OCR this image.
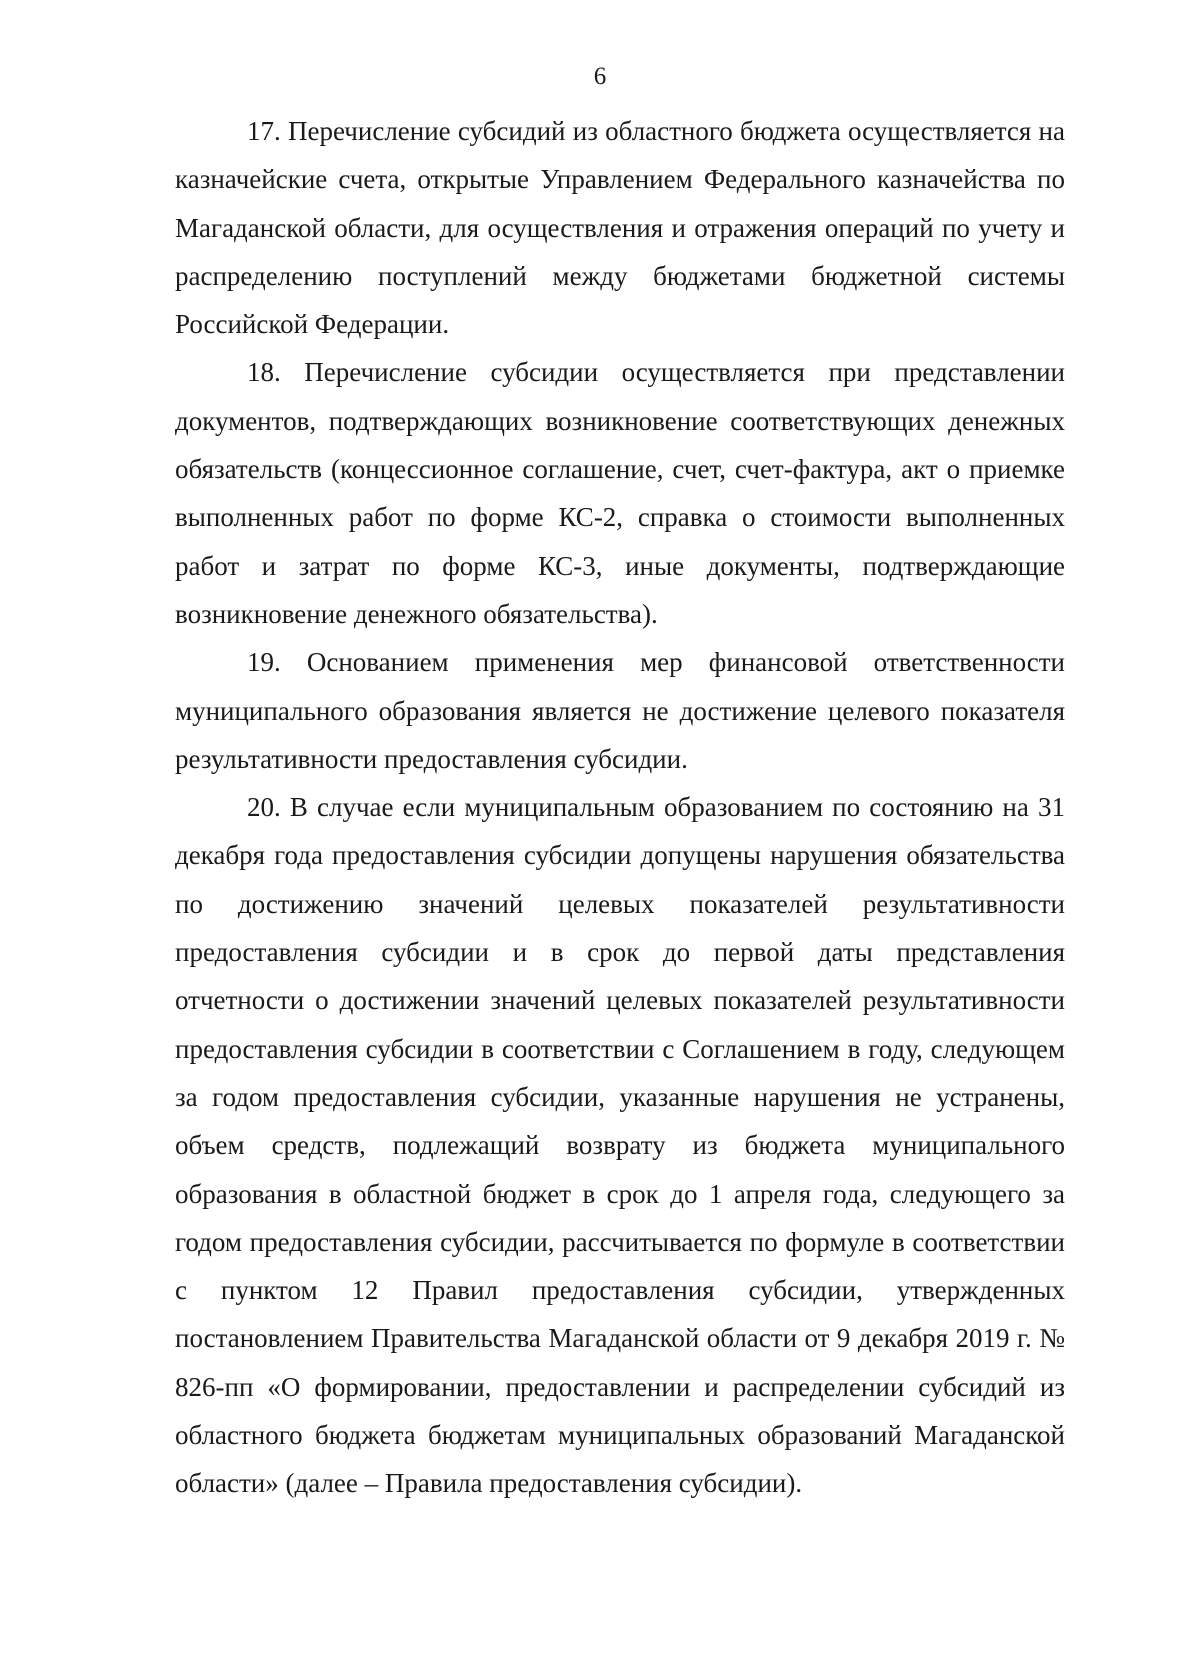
6

17. Перечисление субсидий из областного бюджета осуществляется на казначейские счета, открытые Управлением Федерального казначейства по Магаданской области, для осуществления и отражения операций по учету и распределению поступлений между бюджетами бюджетной системы Российской Федерации.

18. Перечисление субсидии осуществляется при представлении документов, подтверждающих возникновение соответствующих денежных обязательств (концессионное соглашение, счет, счет-фактура, акт о приемке выполненных работ по форме КС-2, справка о стоимости выполненных работ и затрат по форме КС-3, иные документы, подтверждающие возникновение денежного обязательства).

19. Основанием применения мер финансовой ответственности муниципального образования является не достижение целевого показателя результативности предоставления субсидии.

20. В случае если муниципальным образованием по состоянию на 31 декабря года предоставления субсидии допущены нарушения обязательства по достижению значений целевых показателей результативности предоставления субсидии и в срок до первой даты представления отчетности о достижении значений целевых показателей результативности предоставления субсидии в соответствии с Соглашением в году, следующем за годом предоставления субсидии, указанные нарушения не устранены, объем средств, подлежащий возврату из бюджета муниципального образования в областной бюджет в срок до 1 апреля года, следующего за годом предоставления субсидии, рассчитывается по формуле в соответствии с пунктом 12 Правил предоставления субсидии, утвержденных постановлением Правительства Магаданской области от 9 декабря 2019 г. № 826-пп «О формировании, предоставлении и распределении субсидий из областного бюджета бюджетам муниципальных образований Магаданской области» (далее – Правила предоставления субсидии).
